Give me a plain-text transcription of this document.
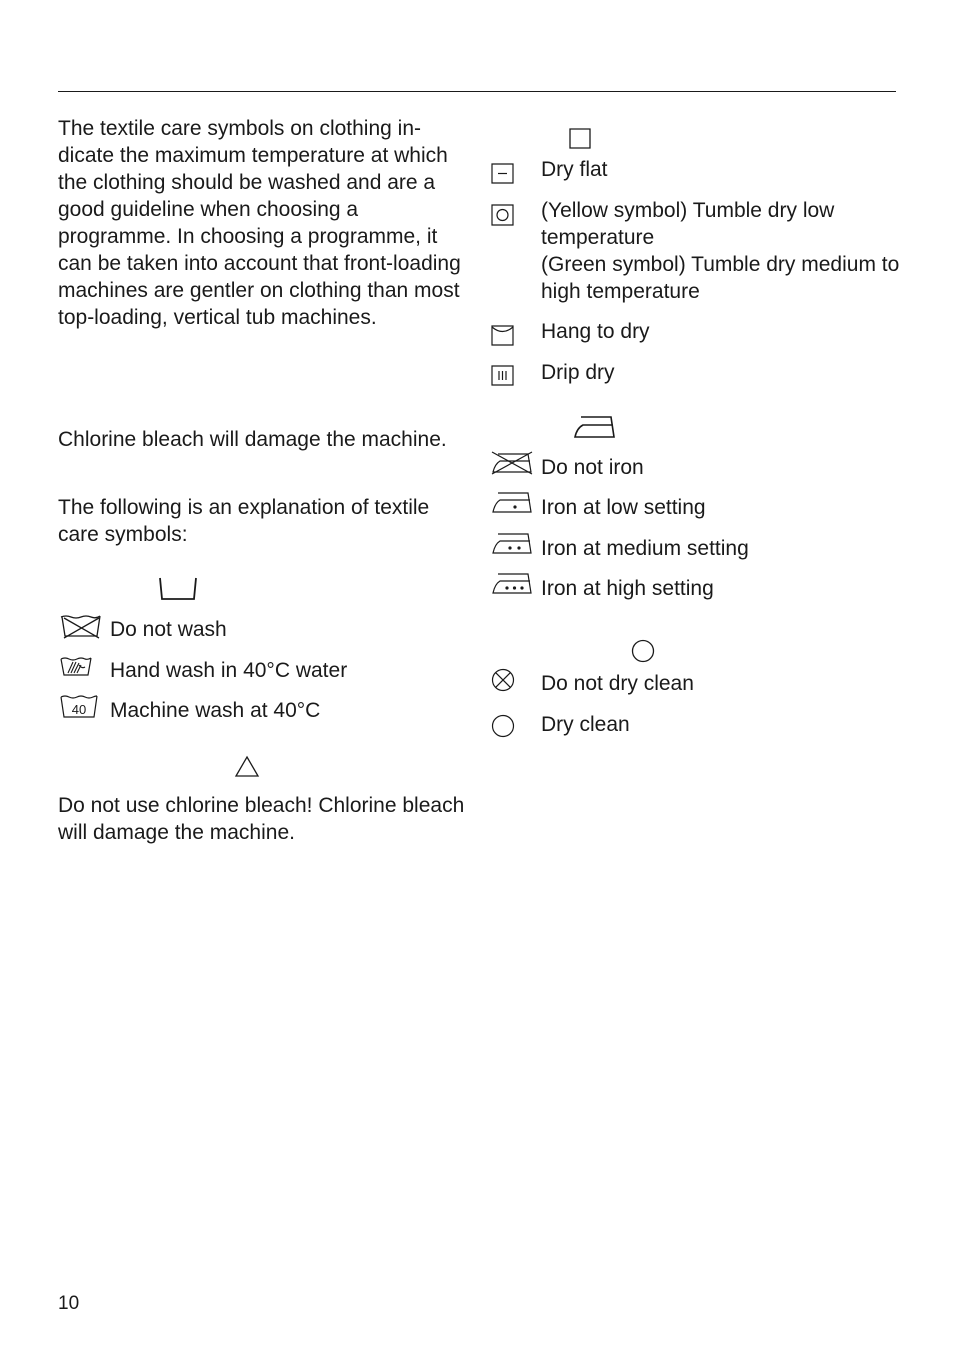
The textile care symbols on clothing indicate the maximum temperature at which the clothing should be washed and are a good guideline when choosing a programme. In choosing a programme, it can be taken into account that front-loading machines are gentler on clothing than most top-loading, vertical tub machines.

Chlorine bleach will damage the machine.

The following is an explanation of textile care symbols:

Do not wash
Hand wash in 40°C water
40 Machine wash at 40°C

Do not use chlorine bleach! Chlorine bleach will damage the machine.

Dry flat
(Yellow symbol) Tumble dry low temperature
(Green symbol) Tumble dry medium to high temperature
Hang to dry
Drip dry
Do not iron
Iron at low setting
Iron at medium setting
Iron at high setting
Do not dry clean
Dry clean
10
